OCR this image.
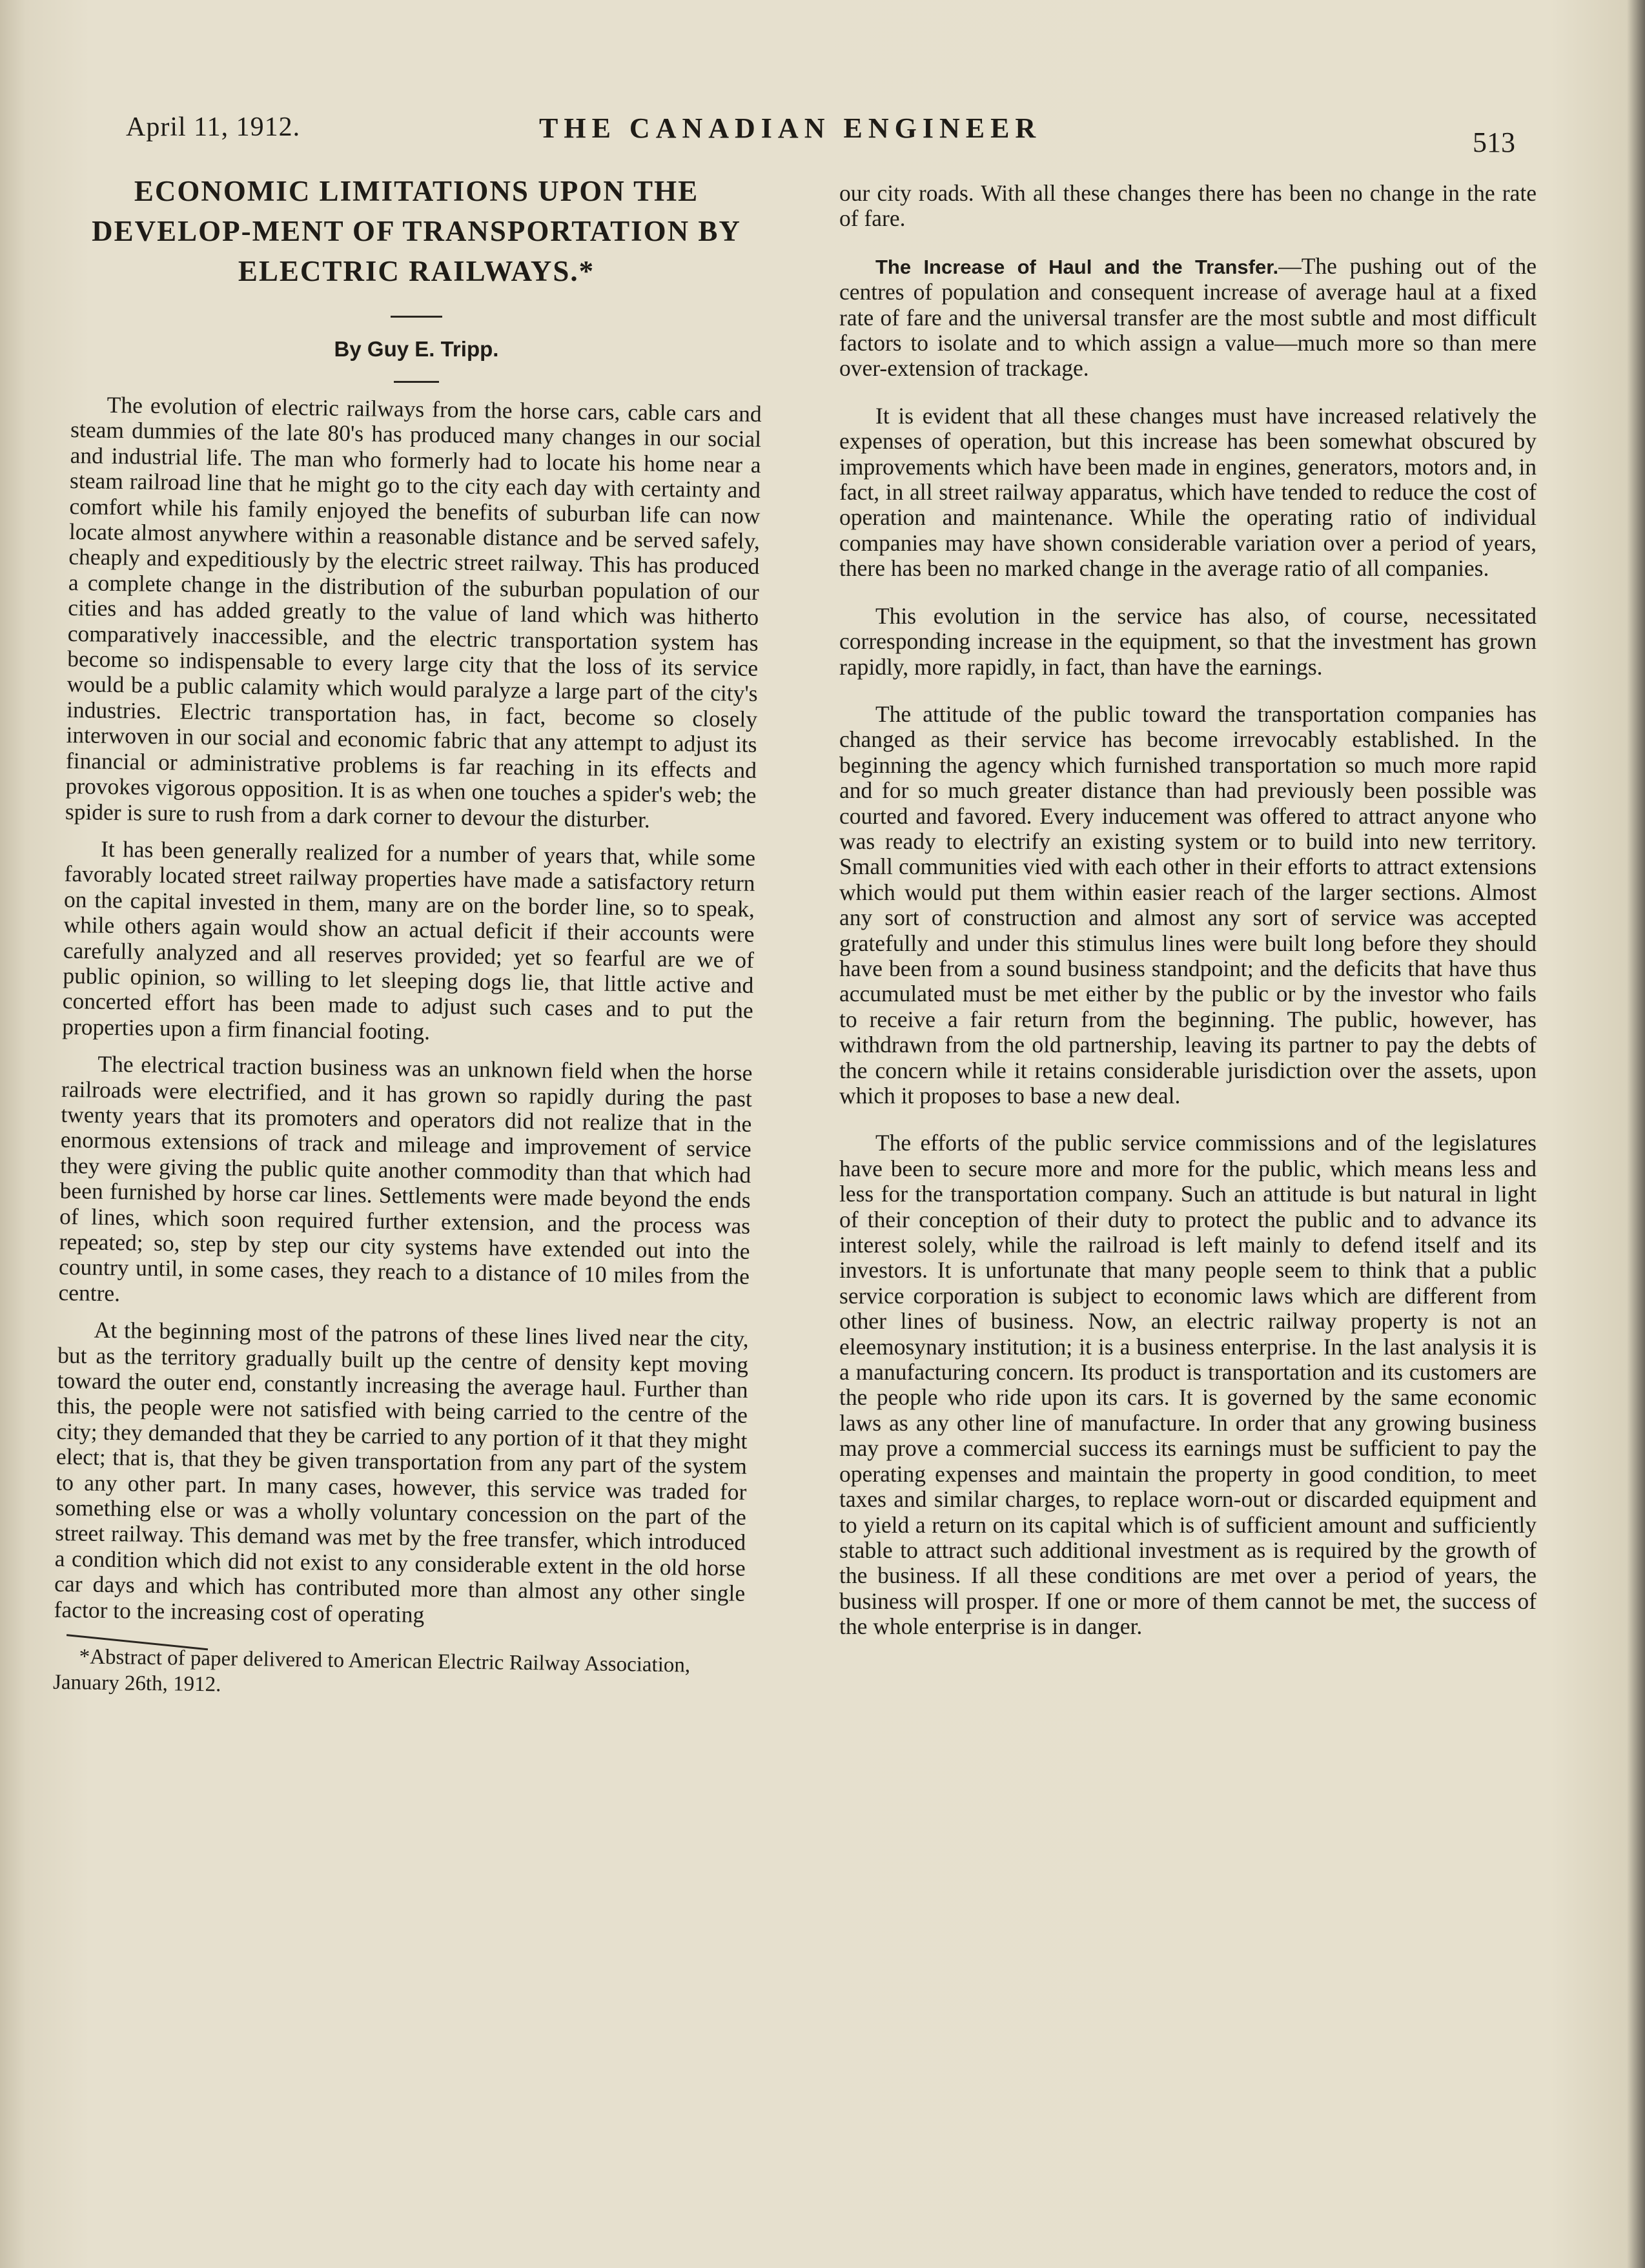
April 11, 1912.	THE CANADIAN ENGINEER	513
ECONOMIC LIMITATIONS UPON THE DEVELOP-MENT OF TRANSPORTATION BY ELECTRIC RAILWAYS.*

By Guy E. Tripp.

The evolution of electric railways from the horse cars, cable cars and steam dummies of the late 80's has produced many changes in our social and industrial life. The man who formerly had to locate his home near a steam railroad line that he might go to the city each day with certainty and comfort while his family enjoyed the benefits of suburban life can now locate almost anywhere within a reasonable distance and be served safely, cheaply and expeditiously by the electric street railway. This has produced a complete change in the distribution of the suburban population of our cities and has added greatly to the value of land which was hitherto comparatively inaccessible, and the electric transportation system has become so indispensable to every large city that the loss of its service would be a public calamity which would paralyze a large part of the city's industries. Electric transportation has, in fact, become so closely interwoven in our social and economic fabric that any attempt to adjust its financial or administrative problems is far reaching in its effects and provokes vigorous opposition. It is as when one touches a spider's web; the spider is sure to rush from a dark corner to devour the disturber.

It has been generally realized for a number of years that, while some favorably located street railway properties have made a satisfactory return on the capital invested in them, many are on the border line, so to speak, while others again would show an actual deficit if their accounts were carefully analyzed and all reserves provided; yet so fearful are we of public opinion, so willing to let sleeping dogs lie, that little active and concerted effort has been made to adjust such cases and to put the properties upon a firm financial footing.

The electrical traction business was an unknown field when the horse railroads were electrified, and it has grown so rapidly during the past twenty years that its promoters and operators did not realize that in the enormous extensions of track and mileage and improvement of service they were giving the public quite another commodity than that which had been furnished by horse car lines. Settlements were made beyond the ends of lines, which soon required further extension, and the process was repeated; so, step by step our city systems have extended out into the country until, in some cases, they reach to a distance of 10 miles from the centre.

At the beginning most of the patrons of these lines lived near the city, but as the territory gradually built up the centre of density kept moving toward the outer end, constantly increasing the average haul. Further than this, the people were not satisfied with being carried to the centre of the city; they demanded that they be carried to any portion of it that they might elect; that is, that they be given transportation from any part of the system to any other part. In many cases, however, this service was traded for something else or was a wholly voluntary concession on the part of the street railway. This demand was met by the free transfer, which introduced a condition which did not exist to any considerable extent in the old horse car days and which has contributed more than almost any other single factor to the increasing cost of operating

*Abstract of paper delivered to American Electric Railway Association, January 26th, 1912.

our city roads. With all these changes there has been no change in the rate of fare.

The Increase of Haul and the Transfer.—The pushing out of the centres of population and consequent increase of average haul at a fixed rate of fare and the universal transfer are the most subtle and most difficult factors to isolate and to which assign a value—much more so than mere over-extension of trackage.

It is evident that all these changes must have increased relatively the expenses of operation, but this increase has been somewhat obscured by improvements which have been made in engines, generators, motors and, in fact, in all street railway apparatus, which have tended to reduce the cost of operation and maintenance. While the operating ratio of individual companies may have shown considerable variation over a period of years, there has been no marked change in the average ratio of all companies.

This evolution in the service has also, of course, necessitated corresponding increase in the equipment, so that the investment has grown rapidly, more rapidly, in fact, than have the earnings.

The attitude of the public toward the transportation companies has changed as their service has become irrevocably established. In the beginning the agency which furnished transportation so much more rapid and for so much greater distance than had previously been possible was courted and favored. Every inducement was offered to attract anyone who was ready to electrify an existing system or to build into new territory. Small communities vied with each other in their efforts to attract extensions which would put them within easier reach of the larger sections. Almost any sort of construction and almost any sort of service was accepted gratefully and under this stimulus lines were built long before they should have been from a sound business standpoint; and the deficits that have thus accumulated must be met either by the public or by the investor who fails to receive a fair return from the beginning. The public, however, has withdrawn from the old partnership, leaving its partner to pay the debts of the concern while it retains considerable jurisdiction over the assets, upon which it proposes to base a new deal.

The efforts of the public service commissions and of the legislatures have been to secure more and more for the public, which means less and less for the transportation company. Such an attitude is but natural in light of their conception of their duty to protect the public and to advance its interest solely, while the railroad is left mainly to defend itself and its investors. It is unfortunate that many people seem to think that a public service corporation is subject to economic laws which are different from other lines of business. Now, an electric railway property is not an eleemosynary institution; it is a business enterprise. In the last analysis it is a manufacturing concern. Its product is transportation and its customers are the people who ride upon its cars. It is governed by the same economic laws as any other line of manufacture. In order that any growing business may prove a commercial success its earnings must be sufficient to pay the operating expenses and maintain the property in good condition, to meet taxes and similar charges, to replace worn-out or discarded equipment and to yield a return on its capital which is of sufficient amount and sufficiently stable to attract such additional investment as is required by the growth of the business. If all these conditions are met over a period of years, the business will prosper. If one or more of them cannot be met, the success of the whole enterprise is in danger.
